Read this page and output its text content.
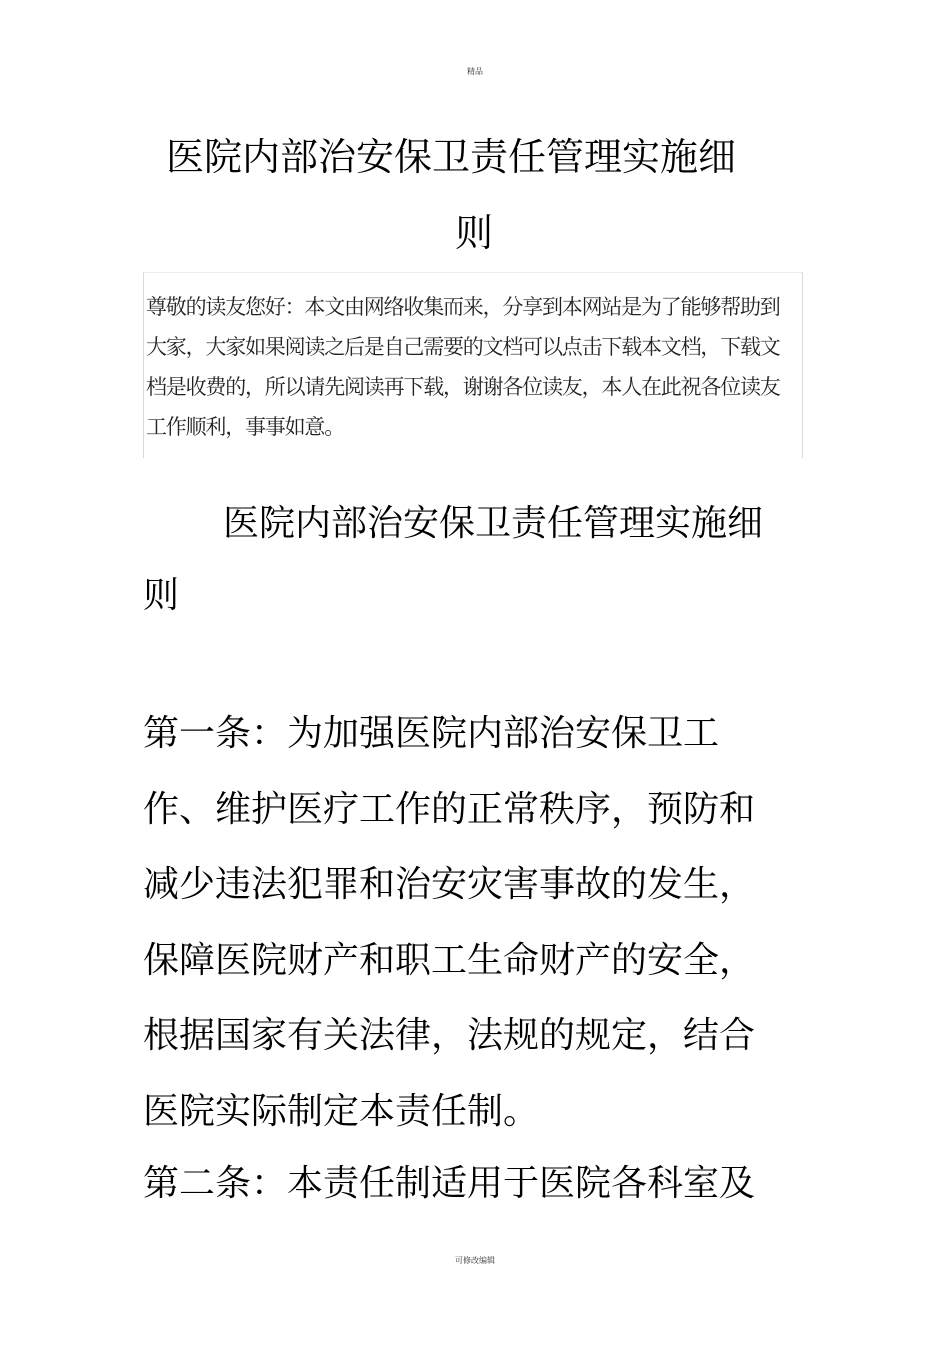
精品
医院内部治安保卫责任管理实施细
则
尊敬的读友您好：本文由网络收集而来，分享到本网站是为了能够帮助到大家，大家如果阅读之后是自己需要的文档可以点击下载本文档，下载文档是收费的，所以请先阅读再下载，谢谢各位读友，本人在此祝各位读友工作顺利，事事如意。
医院内部治安保卫责任管理实施细则
第一条：为加强医院内部治安保卫工作、维护医疗工作的正常秩序，预防和减少违法犯罪和治安灾害事故的发生，保障医院财产和职工生命财产的安全，根据国家有关法律，法规的规定，结合医院实际制定本责任制。
第二条：本责任制适用于医院各科室及
可修改编辑
